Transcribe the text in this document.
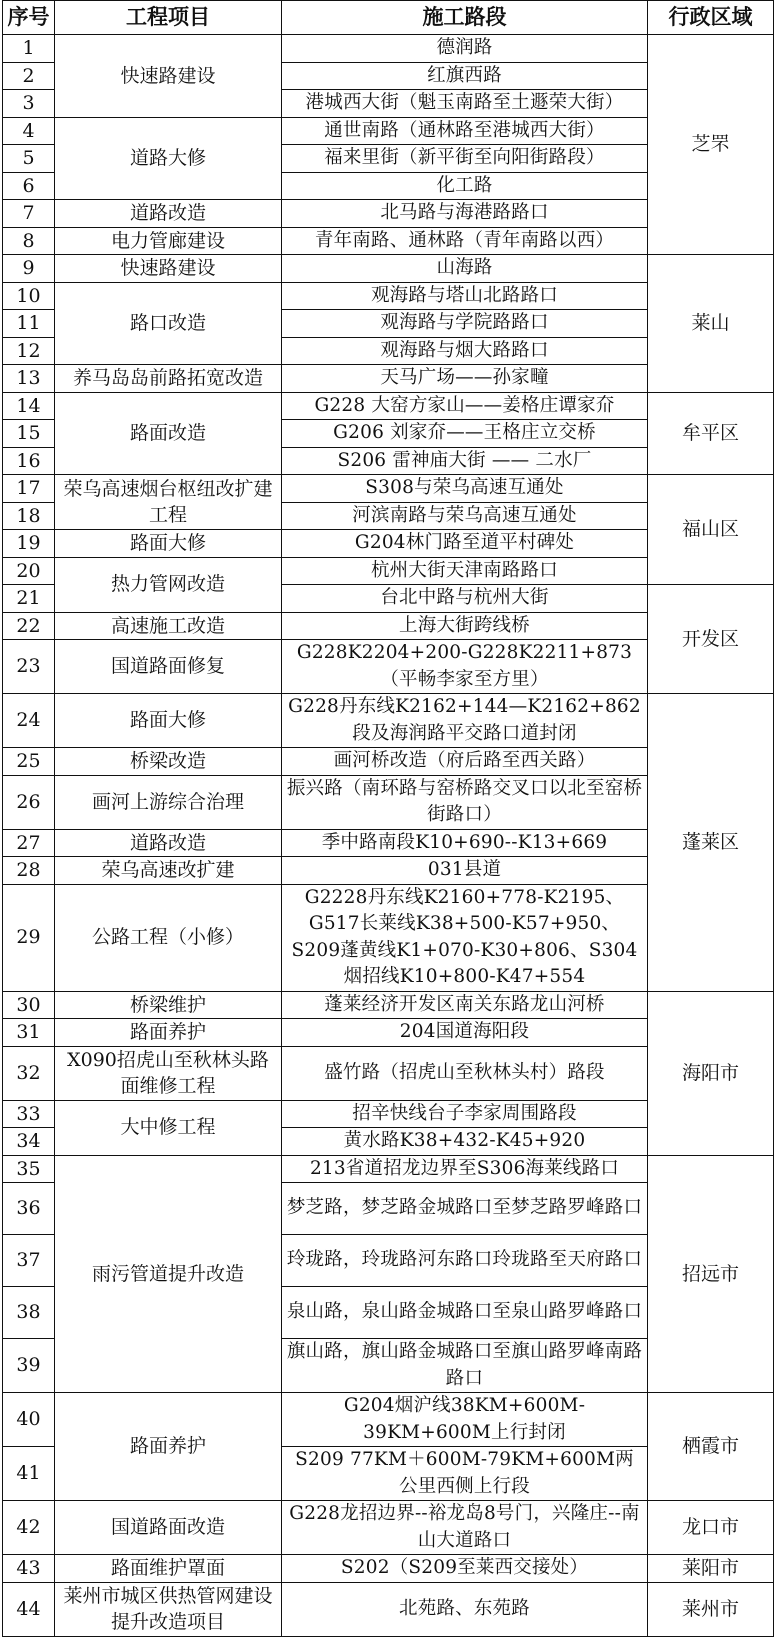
序号	工程项目	施工路段	行政区域
1	快速路建设	德润路	芝罘
2		红旗西路	
3		港城西大街（魁玉南路至土遯荣大街）	
4	道路大修	通世南路（通林路至港城西大街）	
5		福来里街（新平街至向阳街路段）	
6		化工路	
7	道路改造	北马路与海港路路口	
8	电力管廊建设	青年南路、通林路（青年南路以西）	
9	快速路建设	山海路	莱山
10	路口改造	观海路与塔山北路路口	
11		观海路与学院路路口	
12		观海路与烟大路路口	
13	养马岛岛前路拓宽改造	天马广场——孙家疃	
14	路面改造	G228 大窑方家山——姜格庄谭家夼	牟平区
15		G206 刘家夼——王格庄立交桥	
16		S206 雷神庙大街 —— 二水厂	
17	荣乌高速烟台枢纽改扩建工程	S308与荣乌高速互通处	福山区
18		河滨南路与荣乌高速互通处	
19	路面大修	G204林门路至道平村碑处	
20	热力管网改造	杭州大街天津南路路口	
21		台北中路与杭州大街	开发区
22	高速施工改造	上海大街跨线桥	
23	国道路面修复	G228K2204+200-G228K2211+873（平畅李家至方里）	
24	路面大修	G228丹东线K2162+144—K2162+862段及海润路平交路口道封闭	蓬莱区
25	桥梁改造	画河桥改造（府后路至西关路）	
26	画河上游综合治理	振兴路（南环路与窑桥路交叉口以北至窑桥街路口）	
27	道路改造	季中路南段K10+690--K13+669	
28	荣乌高速改扩建	031县道	
29	公路工程（小修）	G2228丹东线K2160+778-K2195、G517长莱线K38+500-K57+950、S209蓬黄线K1+070-K30+806、S304烟招线K10+800-K47+554	
30	桥梁维护	蓬莱经济开发区南关东路龙山河桥	海阳市
31	路面养护	204国道海阳段	
32	X090招虎山至秋林头路面维修工程	盛竹路（招虎山至秋林头村）路段	
33	大中修工程	招辛快线台子李家周围路段	
34		黄水路K38+432-K45+920	
35	雨污管道提升改造	213省道招龙边界至S306海莱线路口	招远市
36		梦芝路，梦芝路金城路口至梦芝路罗峰路口	
37		玲珑路，玲珑路河东路口玲珑路至天府路口	
38		泉山路，泉山路金城路口至泉山路罗峰路口	
39		旗山路，旗山路金城路口至旗山路罗峰南路路口	
40	路面养护	G204烟沪线38KM+600M-39KM+600M上行封闭	栖霞市
41		S209 77KM＋600M-79KM+600M两公里西侧上行段	
42	国道路面改造	G228龙招边界--裕龙岛8号门，兴隆庄--南山大道路口	龙口市
43	路面维护罩面	S202（S209至莱西交接处）	莱阳市
44	莱州市城区供热管网建设提升改造项目	北苑路、东苑路	莱州市
